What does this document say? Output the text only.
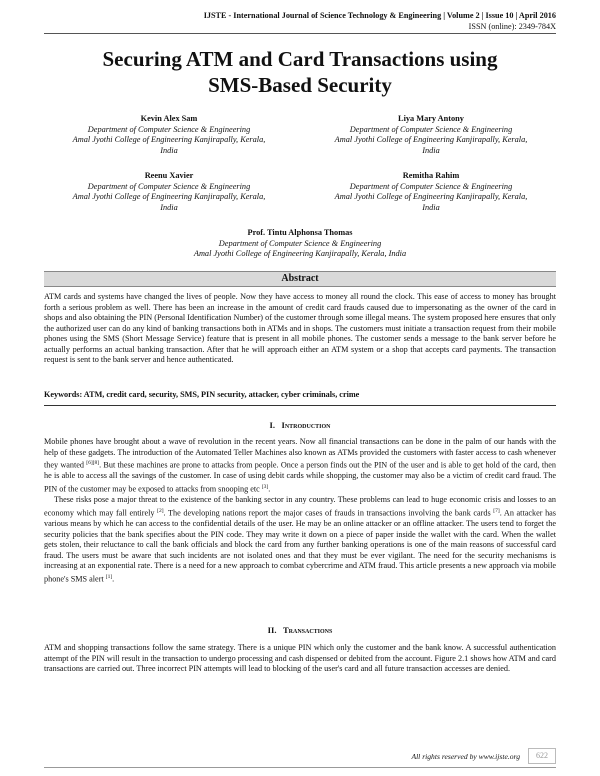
IJSTE - International Journal of Science Technology & Engineering | Volume 2 | Issue 10 | April 2016
ISSN (online): 2349-784X
Securing ATM and Card Transactions using
SMS-Based Security
Kevin Alex Sam
Department of Computer Science & Engineering
Amal Jyothi College of Engineering Kanjirapally, Kerala,
India
Liya Mary Antony
Department of Computer Science & Engineering
Amal Jyothi College of Engineering Kanjirapally, Kerala,
India
Reenu Xavier
Department of Computer Science & Engineering
Amal Jyothi College of Engineering Kanjirapally, Kerala,
India
Remitha Rahim
Department of Computer Science & Engineering
Amal Jyothi College of Engineering Kanjirapally, Kerala,
India
Prof. Tintu Alphonsa Thomas
Department of Computer Science & Engineering
Amal Jyothi College of Engineering Kanjirapally, Kerala, India
Abstract
ATM cards and systems have changed the lives of people. Now they have access to money all round the clock. This ease of access to money has brought forth a serious problem as well. There has been an increase in the amount of credit card frauds caused due to impersonating as the owner of the card in shops and also obtaining the PIN (Personal Identification Number) of the customer through some illegal means. The system proposed here ensures that only the authorized user can do any kind of banking transactions both in ATMs and in shops. The customers must initiate a transaction request from their mobile phones using the SMS (Short Message Service) feature that is present in all mobile phones. The customer sends a message to the bank server before he actually performs an actual banking transaction. After that he will approach either an ATM system or a shop that accepts card payments. The transaction request is sent to the bank server and hence authenticated.
Keywords: ATM, credit card, security, SMS, PIN security, attacker, cyber criminals, crime
I. Introduction

Mobile phones have brought about a wave of revolution in the recent years. Now all financial transactions can be done in the palm of our hands with the help of these gadgets. The introduction of the Automated Teller Machines also known as ATMs provided the customers with faster access to cash whenever they wanted [6][8]. But these machines are prone to attacks from people. Once a person finds out the PIN of the user and is able to get hold of the card, then he is able to access all the savings of the customer. In case of using debit cards while shopping, the customer may also be a victim of credit card fraud. The PIN of the customer may be exposed to attacks from snooping etc [3].

These risks pose a major threat to the existence of the banking sector in any country. These problems can lead to huge economic crisis and losses to an economy which may fall entirely [2]. The developing nations report the major cases of frauds in transactions involving the bank cards [7]. An attacker has various means by which he can access to the confidential details of the user. He may be an online attacker or an offline attacker. The users tend to forget the security policies that the bank specifies about the PIN code. They may write it down on a piece of paper inside the wallet with the card. When the wallet gets stolen, their reluctance to call the bank officials and block the card from any further banking operations is one of the main reasons of successful card fraud. The users must be aware that such incidents are not isolated ones and that they must be ever vigilant. The need for the security mechanisms is increasing at an exponential rate. There is a need for a new approach to combat cybercrime and ATM fraud. This article presents a new approach via mobile phone's SMS alert [1].

II. Transactions

ATM and shopping transactions follow the same strategy. There is a unique PIN which only the customer and the bank know. A successful authentication attempt of the PIN will result in the transaction to undergo processing and cash dispensed or debited from the account. Figure 2.1 shows how ATM and card transactions are carried out. Three incorrect PIN attempts will lead to blocking of the user's card and all future transaction accesses are denied.

All rights reserved by www.ijste.org	622
